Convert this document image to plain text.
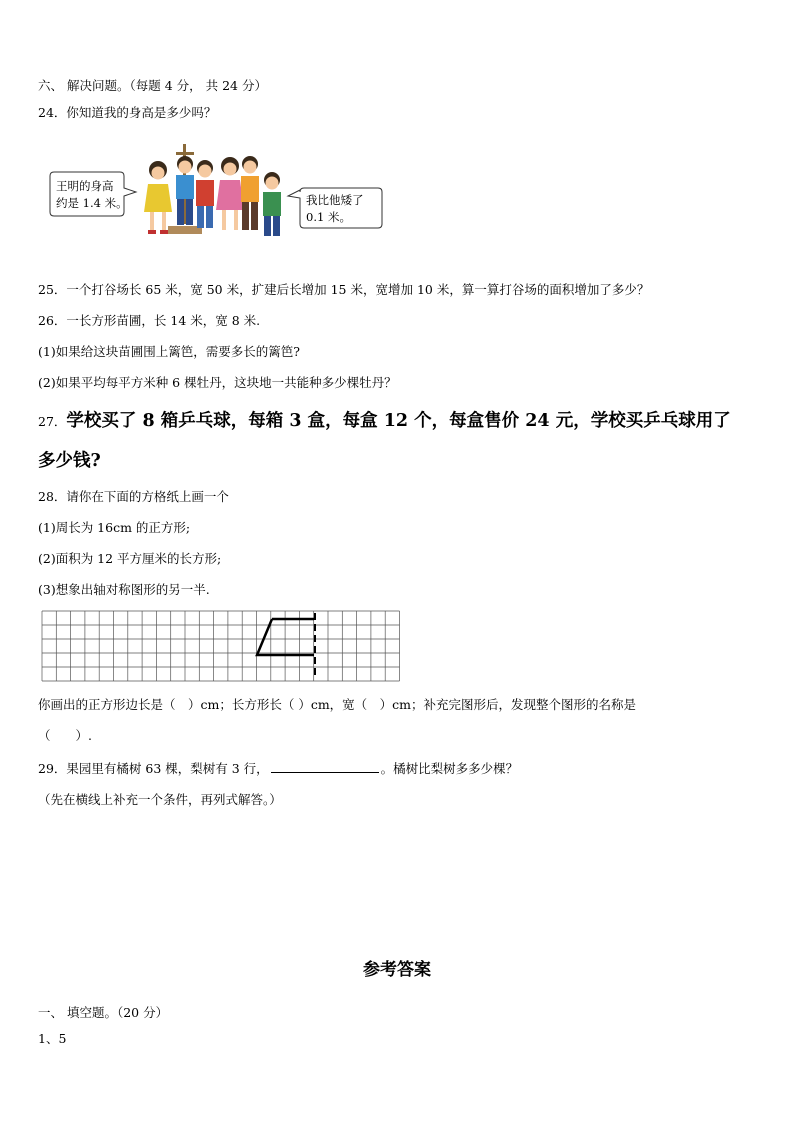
六、 解决问题。（每题 4 分， 共 24 分）
24．你知道我的身高是多少吗？
王明的身高
约是 1.4 米。	我比他矮了
0.1 米。
25．一个打谷场长 65 米，宽 50 米，扩建后长增加 15 米，宽增加 10 米，算一算打谷场的面积增加了多少？
26．一长方形苗圃，长 14 米，宽 8 米.
(1)如果给这块苗圃围上篱笆，需要多长的篱笆?
(2)如果平均每平方米种 6 棵牡丹，这块地一共能种多少棵牡丹？
27．学校买了 8 箱乒乓球，每箱 3 盒，每盒 12 个，每盒售价 24 元，学校买乒乓球用了
多少钱?
28．请你在下面的方格纸上画一个
(1)周长为 16cm 的正方形;
(2)面积为 12 平方厘米的长方形;
(3)想象出轴对称图形的另一半.
你画出的正方形边长是（　）cm；长方形长（ ）cm，宽（　）cm；补充完图形后，发现整个图形的名称是
（　　）.
29．果园里有橘树 63 棵，梨树有 3 行，	。橘树比梨树多多少棵？
（先在横线上补充一个条件，再列式解答。）
参考答案
一、 填空题。（20 分）
1、5
